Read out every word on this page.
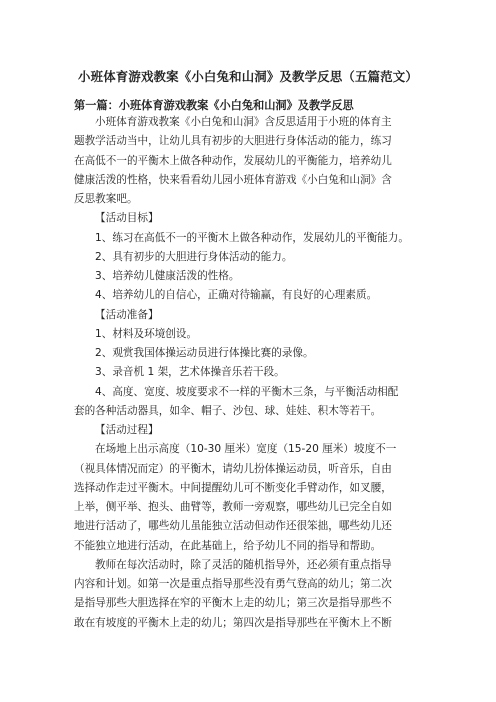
小班体育游戏教案《小白兔和山洞》及教学反思（五篇范文）
第一篇：小班体育游戏教案《小白兔和山洞》及教学反思
小班体育游戏教案《小白兔和山洞》含反思适用于小班的体育主
题教学活动当中，让幼儿具有初步的大胆进行身体活动的能力，练习
在高低不一的平衡木上做各种动作，发展幼儿的平衡能力，培养幼儿
健康活泼的性格，快来看看幼儿园小班体育游戏《小白兔和山洞》含
反思教案吧。
【活动目标】
1、练习在高低不一的平衡木上做各种动作，发展幼儿的平衡能力。
2、具有初步的大胆进行身体活动的能力。
3、培养幼儿健康活泼的性格。
4、培养幼儿的自信心，正确对待输赢，有良好的心理素质。
【活动准备】
1、材料及环境创设。
2、观赏我国体操运动员进行体操比赛的录像。
3、录音机 1 架，艺术体操音乐若干段。
4、高度、宽度、坡度要求不一样的平衡木三条，与平衡活动相配
套的各种活动器具，如伞、帽子、沙包、球、娃娃、积木等若干。
【活动过程】
在场地上出示高度（10-30 厘米）宽度（15-20 厘米）坡度不一
（视具体情况而定）的平衡木，请幼儿扮体操运动员，听音乐，自由
选择动作走过平衡木。中间提醒幼儿可不断变化手臂动作，如叉腰，
上举，侧平举、抱头、曲臂等，教师一旁观察，哪些幼儿已完全自如
地进行活动了，哪些幼儿虽能独立活动但动作还很笨拙，哪些幼儿还
不能独立地进行活动，在此基础上，给予幼儿不同的指导和帮助。
教师在每次活动时，除了灵活的随机指导外，还必须有重点指导
内容和计划。如第一次是重点指导那些没有勇气登高的幼儿；第二次
是指导那些大胆选择在窄的平衡木上走的幼儿；第三次是指导那些不
敢在有坡度的平衡木上走的幼儿；第四次是指导那些在平衡木上不断
